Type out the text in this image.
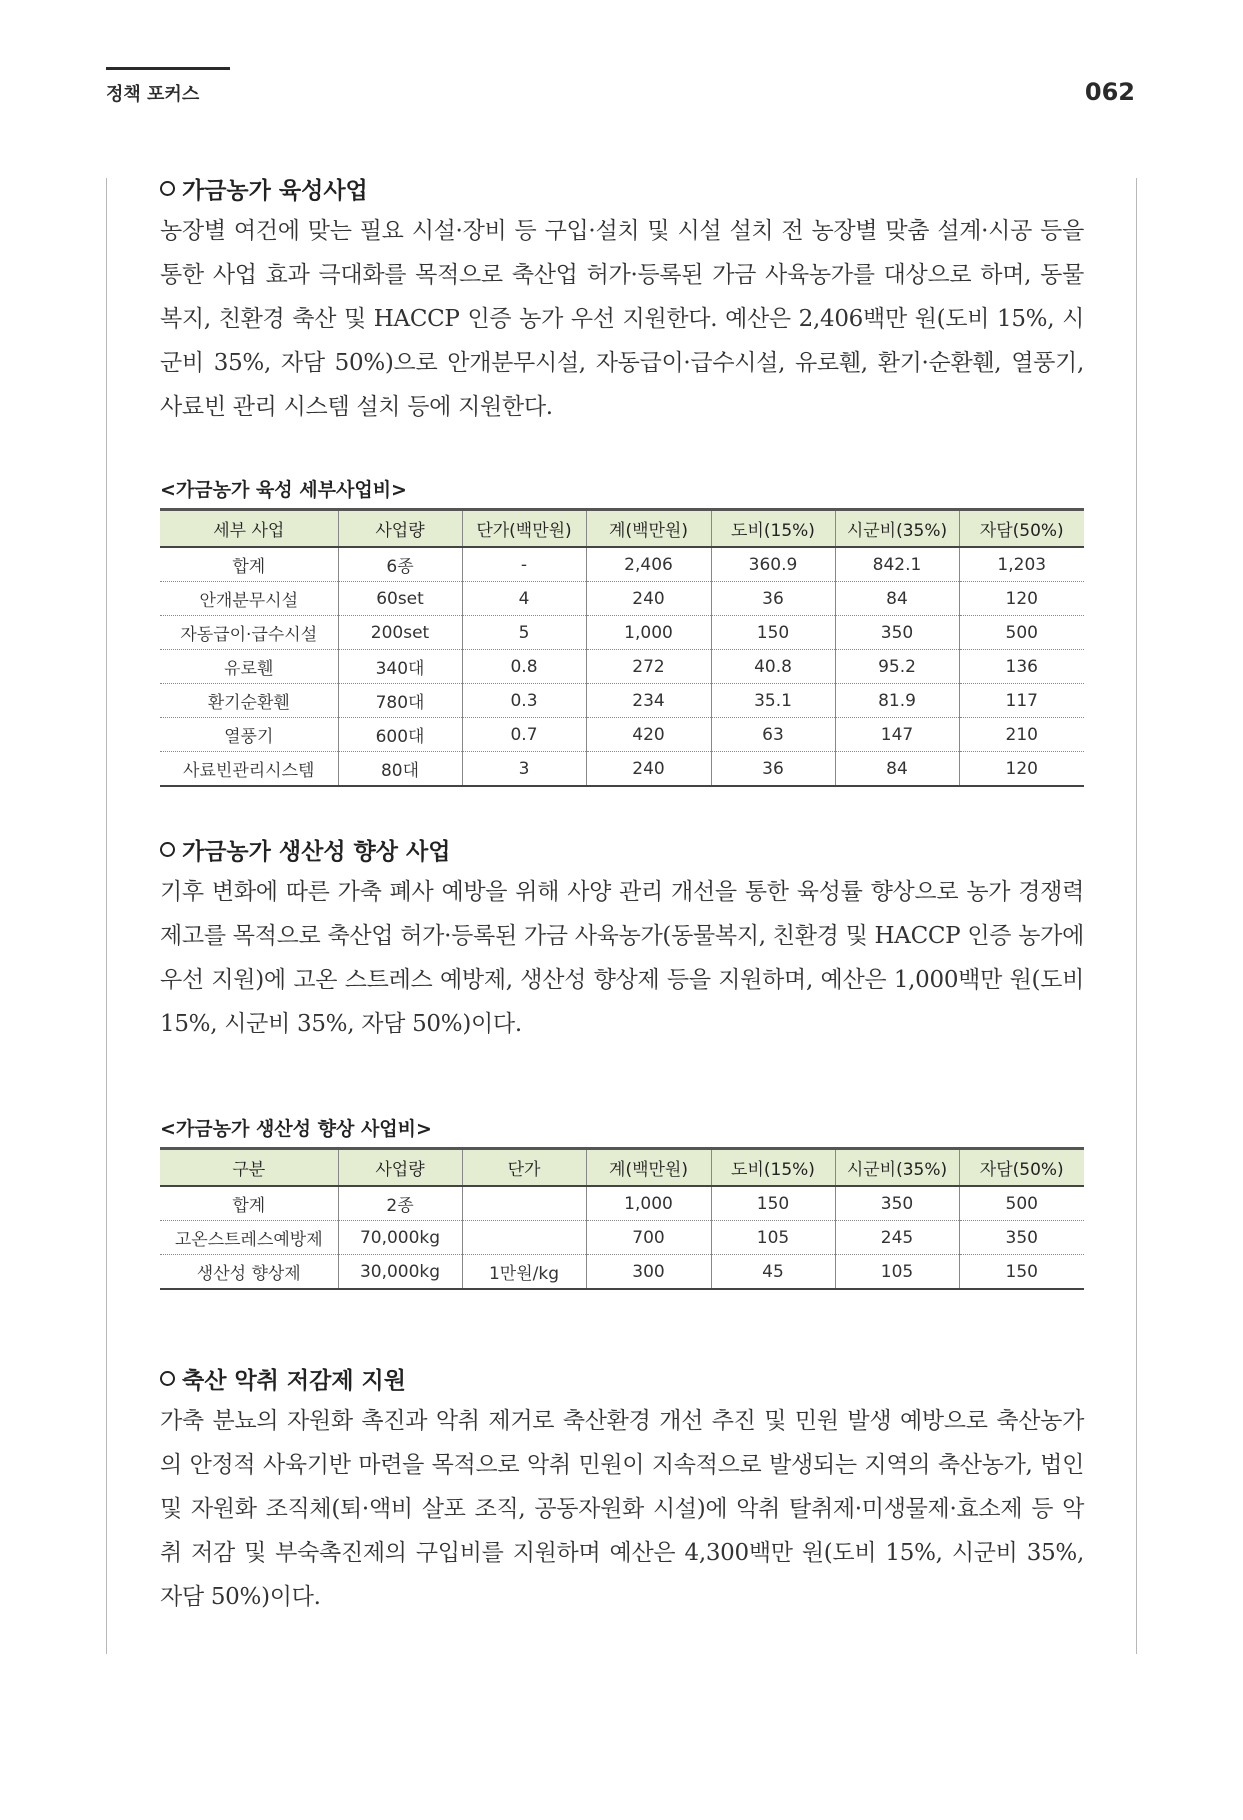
정책 포커스	062
가금농가 육성사업

농장별 여건에 맞는 필요 시설·장비 등 구입·설치 및 시설 설치 전 농장별 맞춤 설계·시공 등을 통한 사업 효과 극대화를 목적으로 축산업 허가·등록된 가금 사육농가를 대상으로 하며, 동물복지, 친환경 축산 및 HACCP 인증 농가 우선 지원한다. 예산은 2,406백만 원(도비 15%, 시군비 35%, 자담 50%)으로 안개분무시설, 자동급이·급수시설, 유로휀, 환기·순환휀, 열풍기, 사료빈 관리 시스템 설치 등에 지원한다.

<가금농가 육성 세부사업비>
세부 사업	사업량	단가(백만원)	계(백만원)	도비(15%)	시군비(35%)	자담(50%)
합계	6종	-	2,406	360.9	842.1	1,203
안개분무시설	60set	4	240	36	84	120
자동급이·급수시설	200set	5	1,000	150	350	500
유로휀	340대	0.8	272	40.8	95.2	136
환기순환휀	780대	0.3	234	35.1	81.9	117
열풍기	600대	0.7	420	63	147	210
사료빈관리시스템	80대	3	240	36	84	120
가금농가 생산성 향상 사업

기후 변화에 따른 가축 폐사 예방을 위해 사양 관리 개선을 통한 육성률 향상으로 농가 경쟁력 제고를 목적으로 축산업 허가·등록된 가금 사육농가(동물복지, 친환경 및 HACCP 인증 농가에 우선 지원)에 고온 스트레스 예방제, 생산성 향상제 등을 지원하며, 예산은 1,000백만 원(도비 15%, 시군비 35%, 자담 50%)이다.

<가금농가 생산성 향상 사업비>
구분	사업량	단가	계(백만원)	도비(15%)	시군비(35%)	자담(50%)
합계	2종		1,000	150	350	500
고온스트레스예방제	70,000kg		700	105	245	350
생산성 향상제	30,000kg	1만원/kg	300	45	105	150
축산 악취 저감제 지원

가축 분뇨의 자원화 촉진과 악취 제거로 축산환경 개선 추진 및 민원 발생 예방으로 축산농가의 안정적 사육기반 마련을 목적으로 악취 민원이 지속적으로 발생되는 지역의 축산농가, 법인 및 자원화 조직체(퇴·액비 살포 조직, 공동자원화 시설)에 악취 탈취제·미생물제·효소제 등 악취 저감 및 부숙촉진제의 구입비를 지원하며 예산은 4,300백만 원(도비 15%, 시군비 35%, 자담 50%)이다.
